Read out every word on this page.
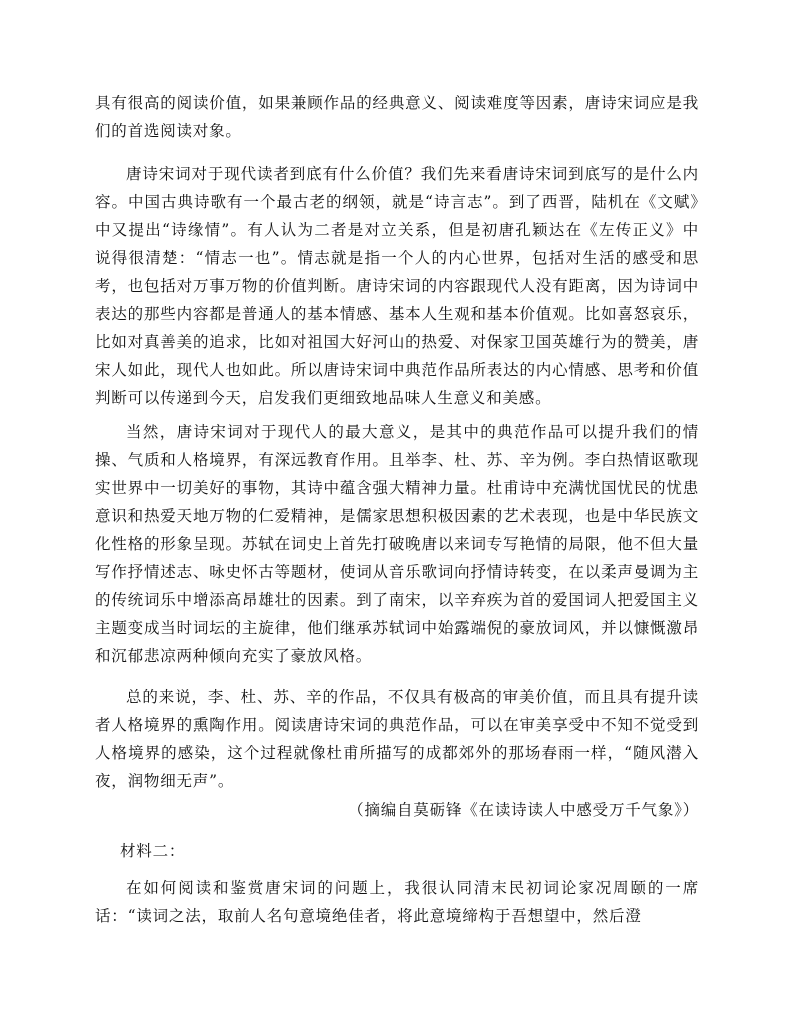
具有很高的阅读价值，如果兼顾作品的经典意义、阅读难度等因素，唐诗宋词应是我们的首选阅读对象。

唐诗宋词对于现代读者到底有什么价值？我们先来看唐诗宋词到底写的是什么内容。中国古典诗歌有一个最古老的纲领，就是“诗言志”。到了西晋，陆机在《文赋》中又提出“诗缘情”。有人认为二者是对立关系，但是初唐孔颖达在《左传正义》中说得很清楚：“情志一也”。情志就是指一个人的内心世界，包括对生活的感受和思考，也包括对万事万物的价值判断。唐诗宋词的内容跟现代人没有距离，因为诗词中表达的那些内容都是普通人的基本情感、基本人生观和基本价值观。比如喜怒哀乐，比如对真善美的追求，比如对祖国大好河山的热爱、对保家卫国英雄行为的赞美，唐宋人如此，现代人也如此。所以唐诗宋词中典范作品所表达的内心情感、思考和价值判断可以传递到今天，启发我们更细致地品味人生意义和美感。

当然，唐诗宋词对于现代人的最大意义，是其中的典范作品可以提升我们的情操、气质和人格境界，有深远教育作用。且举李、杜、苏、辛为例。李白热情讴歌现实世界中一切美好的事物，其诗中蕴含强大精神力量。杜甫诗中充满忧国忧民的忧患意识和热爱天地万物的仁爱精神，是儒家思想积极因素的艺术表现，也是中华民族文化性格的形象呈现。苏轼在词史上首先打破晚唐以来词专写艳情的局限，他不但大量写作抒情述志、咏史怀古等题材，使词从音乐歌词向抒情诗转变，在以柔声曼调为主的传统词乐中增添高昂雄壮的因素。到了南宋，以辛弃疾为首的爱国词人把爱国主义主题变成当时词坛的主旋律，他们继承苏轼词中始露端倪的豪放词风，并以慷慨激昂和沉郁悲凉两种倾向充实了豪放风格。

总的来说，李、杜、苏、辛的作品，不仅具有极高的审美价值，而且具有提升读者人格境界的熏陶作用。阅读唐诗宋词的典范作品，可以在审美享受中不知不觉受到人格境界的感染，这个过程就像杜甫所描写的成都郊外的那场春雨一样，“随风潜入夜，润物细无声”。

（摘编自莫砺锋《在读诗读人中感受万千气象》）

材料二：

在如何阅读和鉴赏唐宋词的问题上，我很认同清末民初词论家况周颐的一席话：“读词之法，取前人名句意境绝佳者，将此意境缔构于吾想望中，然后澄
